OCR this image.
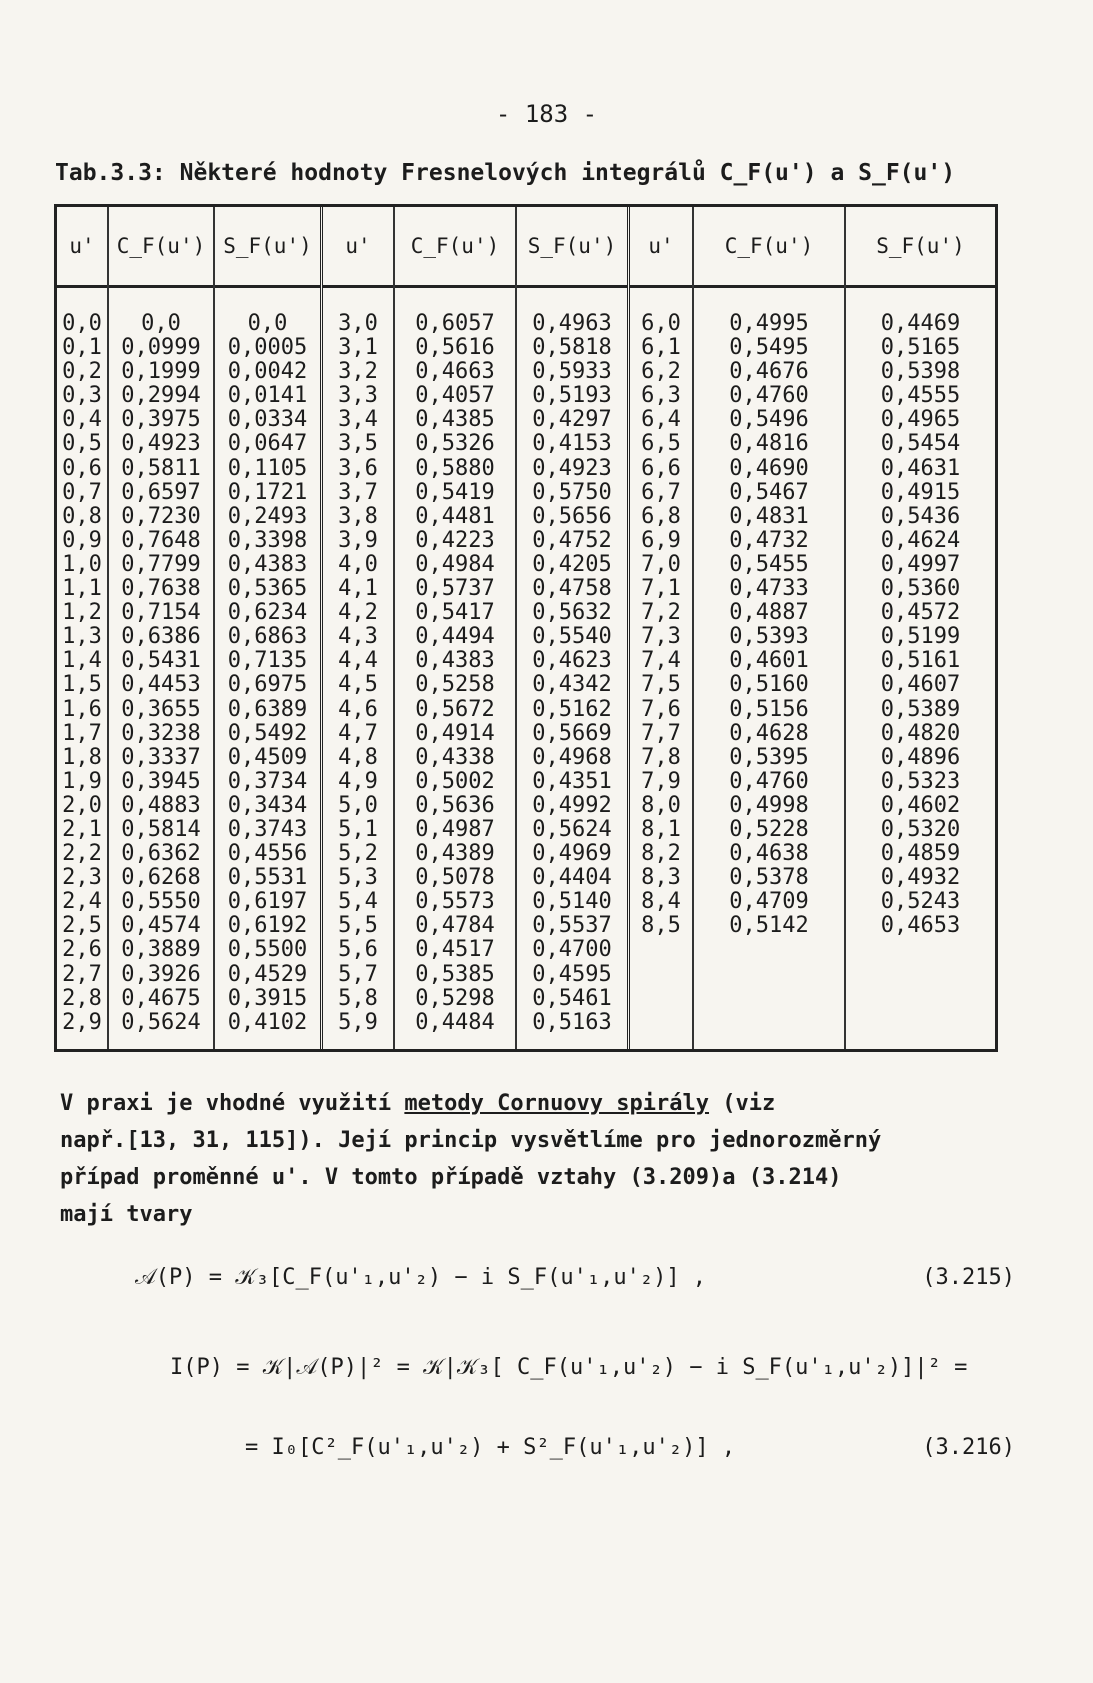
- 183 -
Tab.3.3: Některé hodnoty Fresnelových integrálů C_F(u') a S_F(u')
u'
0,0
0,1
0,2
0,3
0,4
0,5
0,6
0,7
0,8
0,9
1,0
1,1
1,2
1,3
1,4
1,5
1,6
1,7
1,8
1,9
2,0
2,1
2,2
2,3
2,4
2,5
2,6
2,7
2,8
2,9
C_F(u')
0,0
0,0999
0,1999
0,2994
0,3975
0,4923
0,5811
0,6597
0,7230
0,7648
0,7799
0,7638
0,7154
0,6386
0,5431
0,4453
0,3655
0,3238
0,3337
0,3945
0,4883
0,5814
0,6362
0,6268
0,5550
0,4574
0,3889
0,3926
0,4675
0,5624
S_F(u')
0,0
0,0005
0,0042
0,0141
0,0334
0,0647
0,1105
0,1721
0,2493
0,3398
0,4383
0,5365
0,6234
0,6863
0,7135
0,6975
0,6389
0,5492
0,4509
0,3734
0,3434
0,3743
0,4556
0,5531
0,6197
0,6192
0,5500
0,4529
0,3915
0,4102
u'
3,0
3,1
3,2
3,3
3,4
3,5
3,6
3,7
3,8
3,9
4,0
4,1
4,2
4,3
4,4
4,5
4,6
4,7
4,8
4,9
5,0
5,1
5,2
5,3
5,4
5,5
5,6
5,7
5,8
5,9
C_F(u')
0,6057
0,5616
0,4663
0,4057
0,4385
0,5326
0,5880
0,5419
0,4481
0,4223
0,4984
0,5737
0,5417
0,4494
0,4383
0,5258
0,5672
0,4914
0,4338
0,5002
0,5636
0,4987
0,4389
0,5078
0,5573
0,4784
0,4517
0,5385
0,5298
0,4484
S_F(u')
0,4963
0,5818
0,5933
0,5193
0,4297
0,4153
0,4923
0,5750
0,5656
0,4752
0,4205
0,4758
0,5632
0,5540
0,4623
0,4342
0,5162
0,5669
0,4968
0,4351
0,4992
0,5624
0,4969
0,4404
0,5140
0,5537
0,4700
0,4595
0,5461
0,5163
u'
6,0
6,1
6,2
6,3
6,4
6,5
6,6
6,7
6,8
6,9
7,0
7,1
7,2
7,3
7,4
7,5
7,6
7,7
7,8
7,9
8,0
8,1
8,2
8,3
8,4
8,5
C_F(u')
0,4995
0,5495
0,4676
0,4760
0,5496
0,4816
0,4690
0,5467
0,4831
0,4732
0,5455
0,4733
0,4887
0,5393
0,4601
0,5160
0,5156
0,4628
0,5395
0,4760
0,4998
0,5228
0,4638
0,5378
0,4709
0,5142
S_F(u')
0,4469
0,5165
0,5398
0,4555
0,4965
0,5454
0,4631
0,4915
0,5436
0,4624
0,4997
0,5360
0,4572
0,5199
0,5161
0,4607
0,5389
0,4820
0,4896
0,5323
0,4602
0,5320
0,4859
0,4932
0,5243
0,4653
V praxi je vhodné využití metody Cornuovy spirály (viz
např.[13, 31, 115]). Její princip vysvětlíme pro jednorozměrný
případ proměnné u'. V tomto případě vztahy (3.209)a (3.214)
mají tvary
𝒜(P) = 𝒦₃[C_F(u'₁,u'₂) − i S_F(u'₁,u'₂)] ,	(3.215)
I(P) = 𝒦|𝒜(P)|² = 𝒦|𝒦₃[ C_F(u'₁,u'₂) − i S_F(u'₁,u'₂)]|² =
= I₀[C²_F(u'₁,u'₂) + S²_F(u'₁,u'₂)] ,	(3.216)
